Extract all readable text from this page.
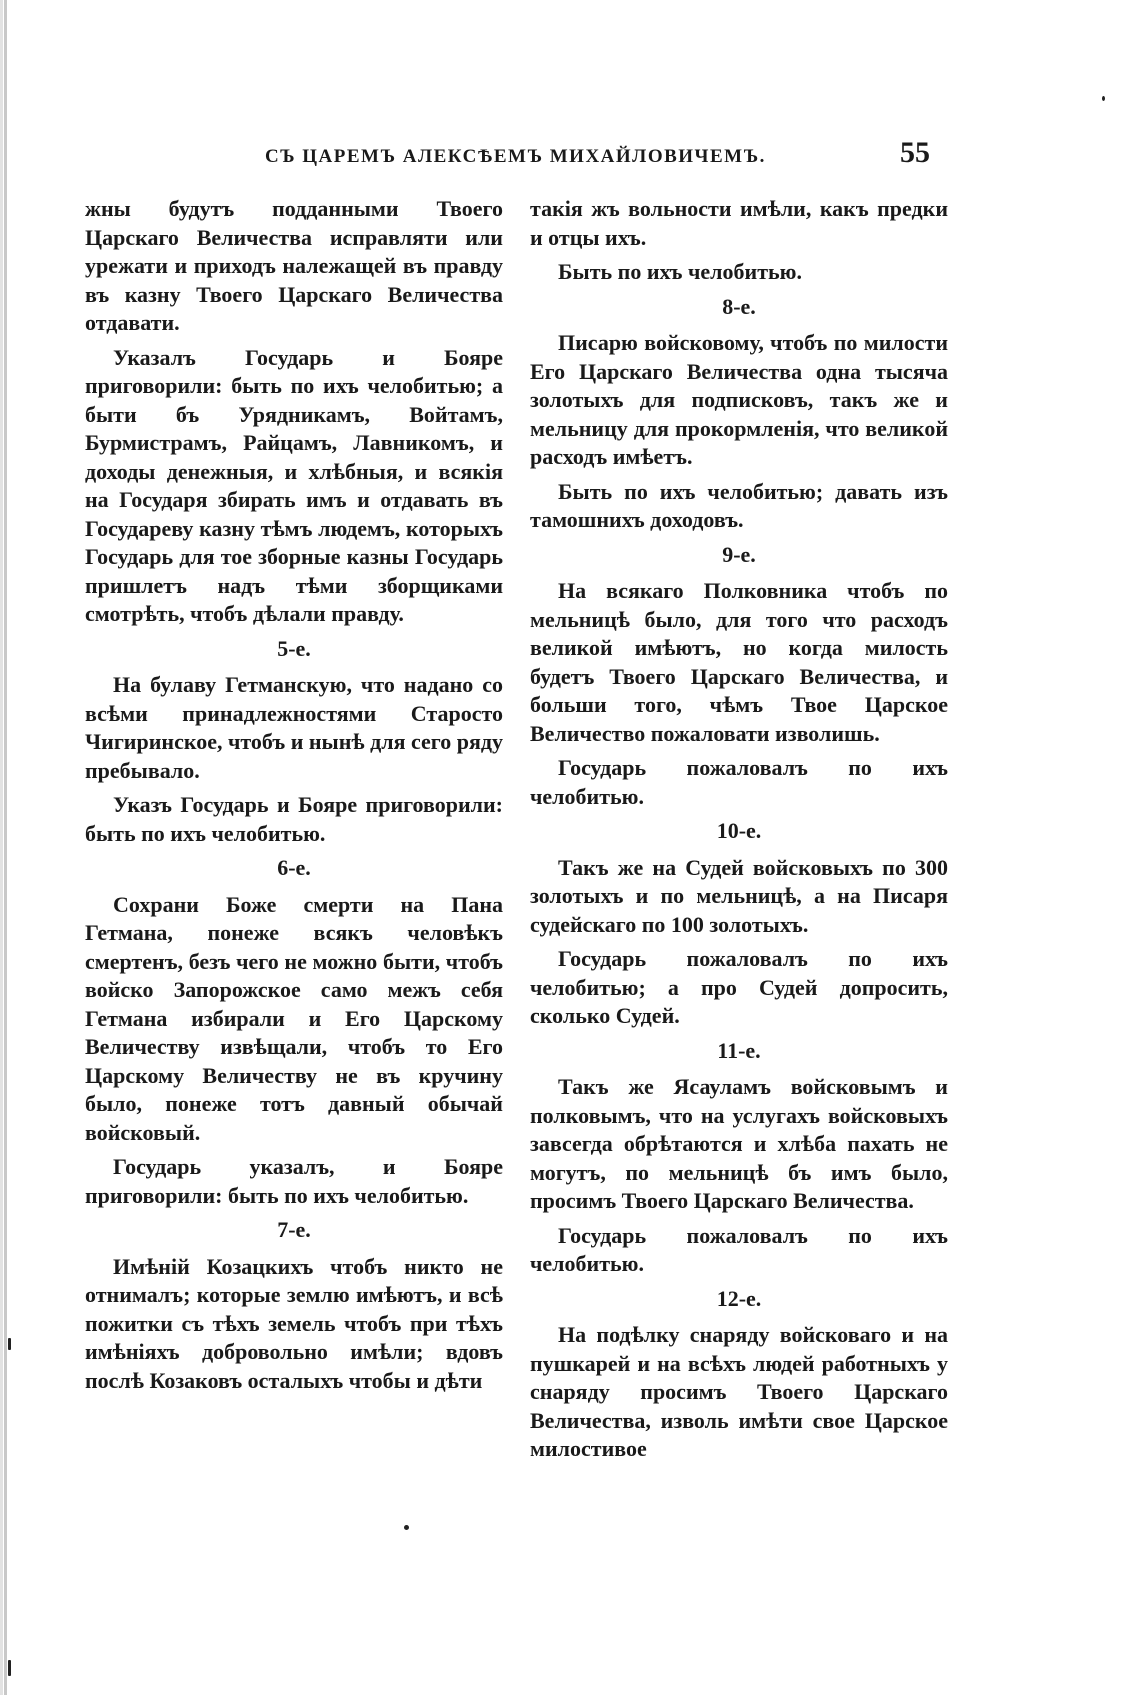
СЪ ЦАРЕМЪ АЛЕКСѢЕМЪ МИХАЙЛОВИЧЕМЪ.	55

жны будутъ подданными Твоего Царскаго Величества исправляти или урежати и приходъ належащей въ правду въ казну Твоего Царскаго Величества отдавати.

Указалъ Государь и Бояре приговорили: быть по ихъ челобитью; а быти бъ Урядникамъ, Войтамъ, Бурмистрамъ, Райцамъ, Лавникомъ, и доходы денежныя, и хлѣбныя, и всякія на Государя збирать имъ и отдавать въ Государеву казну тѣмъ людемъ, которыхъ Государь для тое зборные казны Государь пришлетъ надъ тѣми зборщиками смотрѣть, чтобъ дѣлали правду.

5-е.

На булаву Гетманскую, что надано со всѣми принадлежностями Старосто Чигиринское, чтобъ и нынѣ для сего ряду пребывало.

Указъ Государь и Бояре приговорили: быть по ихъ челобитью.

6-е.

Сохрани Боже смерти на Пана Гетмана, понеже всякъ человѣкъ смертенъ, безъ чего не можно быти, чтобъ войско Запорожское само межъ себя Гетмана избирали и Его Царскому Величеству извѣщали, чтобъ то Его Царскому Величеству не въ кручину было, понеже тотъ давный обычай войсковый.

Государь указалъ, и Бояре приговорили: быть по ихъ челобитью.

7-е.

Имѣній Козацкихъ чтобъ никто не отнималъ; которые землю имѣютъ, и всѣ пожитки съ тѣхъ земель чтобъ при тѣхъ имѣніяхъ добровольно имѣли; вдовъ послѣ Козаковъ осталыхъ чтобы и дѣти

такія жъ вольности имѣли, какъ предки и отцы ихъ.

Быть по ихъ челобитью.

8-е.

Писарю войсковому, чтобъ по милости Его Царскаго Величества одна тысяча золотыхъ для подписковъ, такъ же и мельницу для прокормленія, что великой расходъ имѣетъ.

Быть по ихъ челобитью; давать изъ тамошнихъ доходовъ.

9-е.

На всякаго Полковника чтобъ по мельницѣ было, для того что расходъ великой имѣютъ, но когда милость будетъ Твоего Царскаго Величества, и больши того, чѣмъ Твое Царское Величество пожаловати изволишь.

Государь пожаловалъ по ихъ челобитью.

10-е.

Такъ же на Судей войсковыхъ по 300 золотыхъ и по мельницѣ, а на Писаря судейскаго по 100 золотыхъ.

Государь пожаловалъ по ихъ челобитью; а про Судей допросить, сколько Судей.

11-е.

Такъ же Ясауламъ войсковымъ и полковымъ, что на услугахъ войсковыхъ завсегда обрѣтаются и хлѣба пахать не могутъ, по мельницѣ бъ имъ было, просимъ Твоего Царскаго Величества.

Государь пожаловалъ по ихъ челобитью.

12-е.

На подѣлку снаряду войсковаго и на пушкарей и на всѣхъ людей работныхъ у снаряду просимъ Твоего Царскаго Величества, изволь имѣти свое Царское милостивое
